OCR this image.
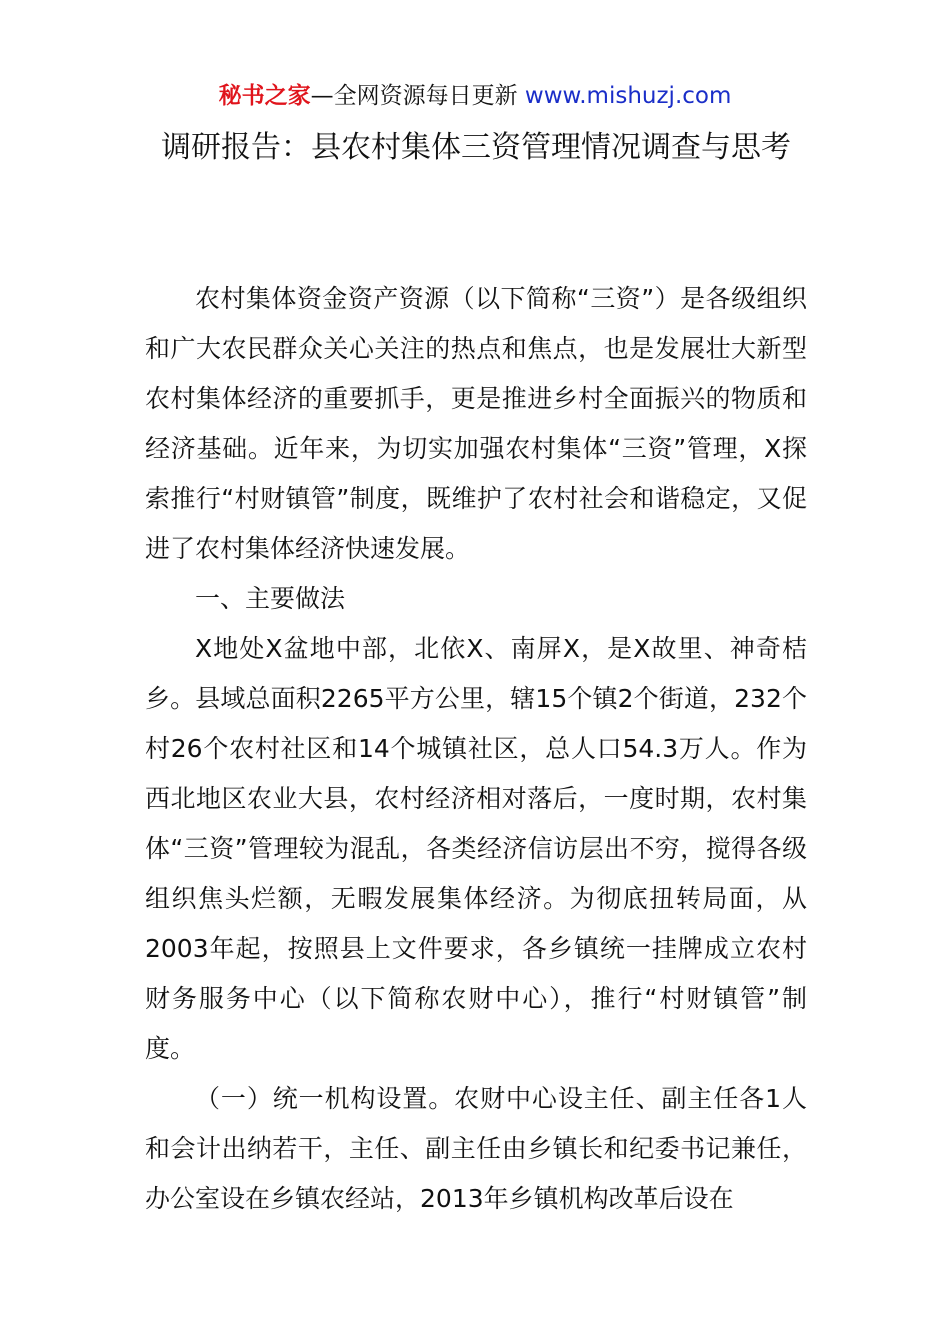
秘书之家—全网资源每日更新 www.mishuzj.com
调研报告：县农村集体三资管理情况调查与思考

农村集体资金资产资源（以下简称“三资”）是各级组织和广大农民群众关心关注的热点和焦点，也是发展壮大新型农村集体经济的重要抓手，更是推进乡村全面振兴的物质和经济基础。近年来，为切实加强农村集体“三资”管理，X探索推行“村财镇管”制度，既维护了农村社会和谐稳定，又促进了农村集体经济快速发展。

一、主要做法

X地处X盆地中部，北依X、南屏X，是X故里、神奇桔乡。县域总面积2265平方公里，辖15个镇2个街道，232个村26个农村社区和14个城镇社区，总人口54.3万人。作为西北地区农业大县，农村经济相对落后，一度时期，农村集体“三资”管理较为混乱，各类经济信访层出不穷，搅得各级组织焦头烂额，无暇发展集体经济。为彻底扭转局面，从2003年起，按照县上文件要求，各乡镇统一挂牌成立农村财务服务中心（以下简称农财中心），推行“村财镇管”制度。

（一）统一机构设置。农财中心设主任、副主任各1人和会计出纳若干，主任、副主任由乡镇长和纪委书记兼任，办公室设在乡镇农经站，2013年乡镇机构改革后设在
